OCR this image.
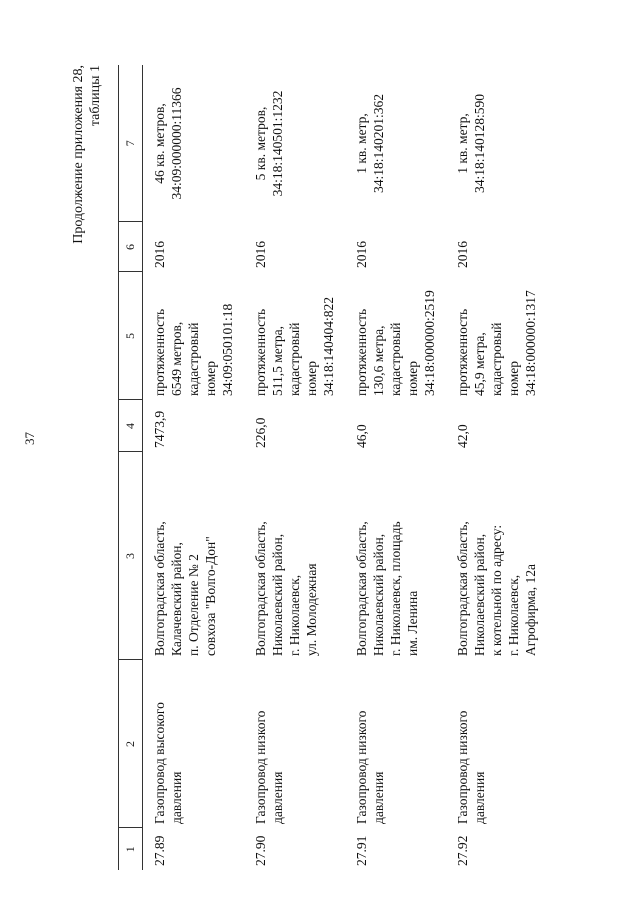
37
Продолжение приложения 28, таблицы 1
1	2	3	4	5	6	7
27.89	Газопровод высокого давления	Волгоградская область, Калачевский район, п. Отделение № 2 совхоза "Волго-Дон"	7473,9	протяженность 6549 метров, кадастровый номер 34:09:050101:18	2016	46 кв. метров, 34:09:000000:11366

27.90	Газопровод низкого давления	Волгоградская область, Николаевский район, г. Николаевск, ул. Молодежная	226,0	протяженность 511,5 метра, кадастровый номер 34:18:140404:822	2016	5 кв. метров, 34:18:140501:1232

27.91	Газопровод низкого давления	Волгоградская область, Николаевский район, г. Николаевск, площадь им. Ленина	46,0	протяженность 130,6 метра, кадастровый номер 34:18:000000:2519	2016	1 кв. метр, 34:18:140201:362

27.92	Газопровод низкого давления	Волгоградская область, Николаевский район, к котельной по адресу: г. Николаевск, Агрофирма, 12а	42,0	протяженность 45,9 метра, кадастровый номер 34:18:000000:1317	2016	1 кв. метр, 34:18:140128:590
